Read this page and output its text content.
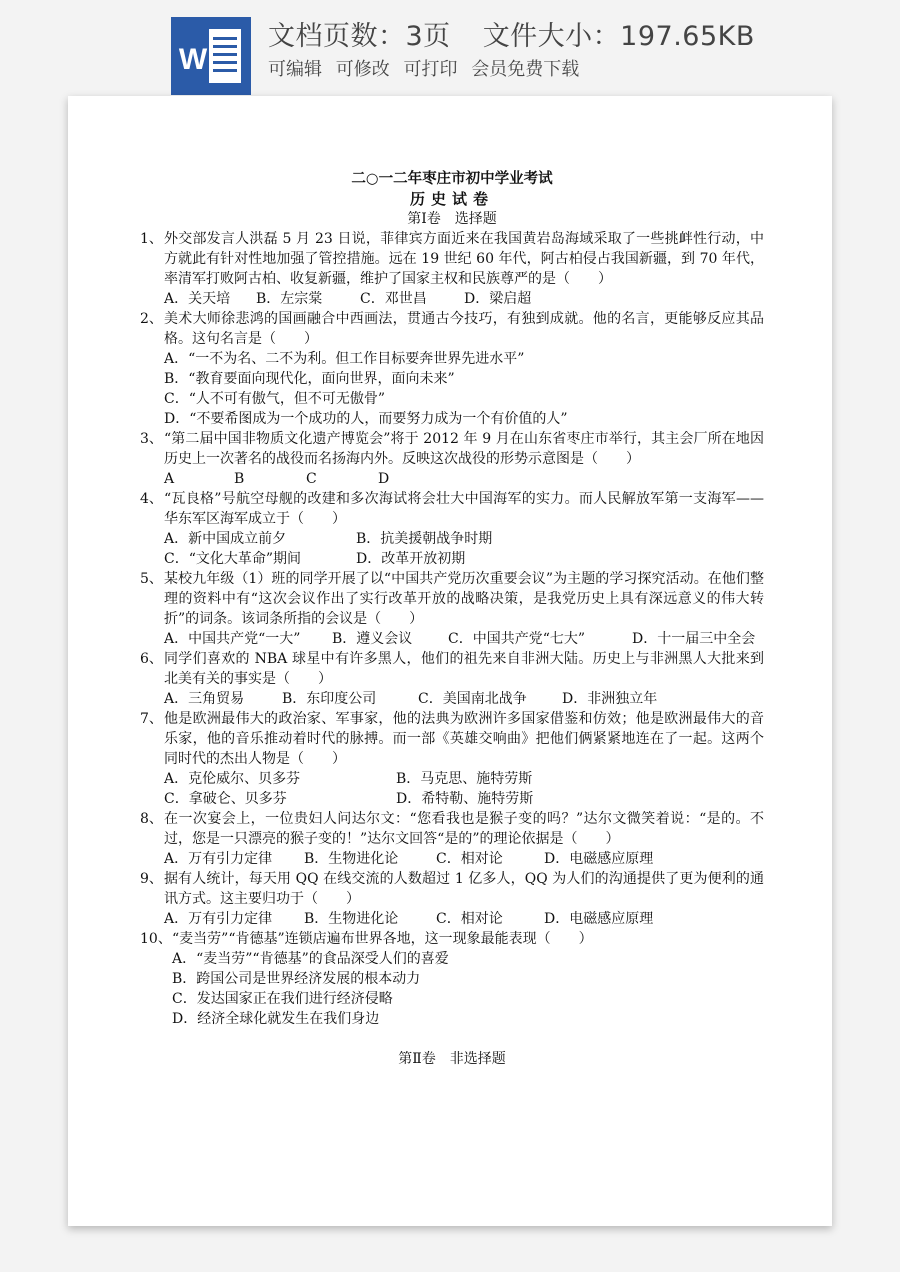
W
文档页数：3页 文件大小：197.65KB
可编辑 可修改 可打印 会员免费下载
二○一二年枣庄市初中学业考试
历史试卷
第Ⅰ卷　选择题
1、 外交部发言人洪磊 5 月 23 日说，菲律宾方面近来在我国黄岩岛海域采取了一些挑衅性行动，中方就此有针对性地加强了管控措施。远在 19 世纪 60 年代，阿古柏侵占我国新疆，到 70 年代，率清军打败阿古柏、收复新疆，维护了国家主权和民族尊严的是（　　）
A．关天培 B．左宗棠	C．邓世昌	D．梁启超
2、 美术大师徐悲鸿的国画融合中西画法，贯通古今技巧，有独到成就。他的名言，更能够反应其品格。这句名言是（　　）
A．“一不为名、二不为利。但工作目标要奔世界先进水平”
B．“教育要面向现代化，面向世界，面向未来”
C．“人不可有傲气，但不可无傲骨”
D．“不要希图成为一个成功的人，而要努力成为一个有价值的人”
3、 “第二届中国非物质文化遗产博览会”将于 2012 年 9 月在山东省枣庄市举行，其主会厂所在地因历史上一次著名的战役而名扬海内外。反映这次战役的形势示意图是（　　）
A	B	C	D
4、 “瓦良格”号航空母舰的改建和多次海试将会壮大中国海军的实力。而人民解放军第一支海军——华东军区海军成立于（　　）
A．新中国成立前夕	B．抗美援朝战争时期
C．“文化大革命”期间	D．改革开放初期
5、 某校九年级（1）班的同学开展了以“中国共产党历次重要会议”为主题的学习探究活动。在他们整理的资料中有“这次会议作出了实行改革开放的战略决策，是我党历史上具有深远意义的伟大转折”的词条。该词条所指的会议是（　　）
A．中国共产党“一大” B．遵义会议	C．中国共产党“七大”	D．十一届三中全会
6、 同学们喜欢的 NBA 球星中有许多黑人，他们的祖先来自非洲大陆。历史上与非洲黑人大批来到北美有关的事实是（　　）
A．三角贸易	B．东印度公司	C．美国南北战争	D．非洲独立年
7、 他是欧洲最伟大的政治家、军事家，他的法典为欧洲许多国家借鉴和仿效；他是欧洲最伟大的音乐家，他的音乐推动着时代的脉搏。而一部《英雄交响曲》把他们俩紧紧地连在了一起。这两个同时代的杰出人物是（　　）
A．克伦威尔、贝多芬	B．马克思、施特劳斯
C．拿破仑、贝多芬	D．希特勒、施特劳斯
8、 在一次宴会上，一位贵妇人问达尔文：“您看我也是猴子变的吗？”达尔文微笑着说：“是的。不过，您是一只漂亮的猴子变的！”达尔文回答“是的”的理论依据是（　　）
A．万有引力定律 B．生物进化论	C．相对论	D．电磁感应原理
9、 据有人统计，每天用 QQ 在线交流的人数超过 1 亿多人，QQ 为人们的沟通提供了更为便利的通讯方式。这主要归功于（　　）
A．万有引力定律 B．生物进化论	C．相对论	D．电磁感应原理
10、 “麦当劳”“肯德基”连锁店遍布世界各地，这一现象最能表现（　　）
A．“麦当劳”“肯德基”的食品深受人们的喜爱
B．跨国公司是世界经济发展的根本动力
C．发达国家正在我们进行经济侵略
D．经济全球化就发生在我们身边
第Ⅱ卷　非选择题
